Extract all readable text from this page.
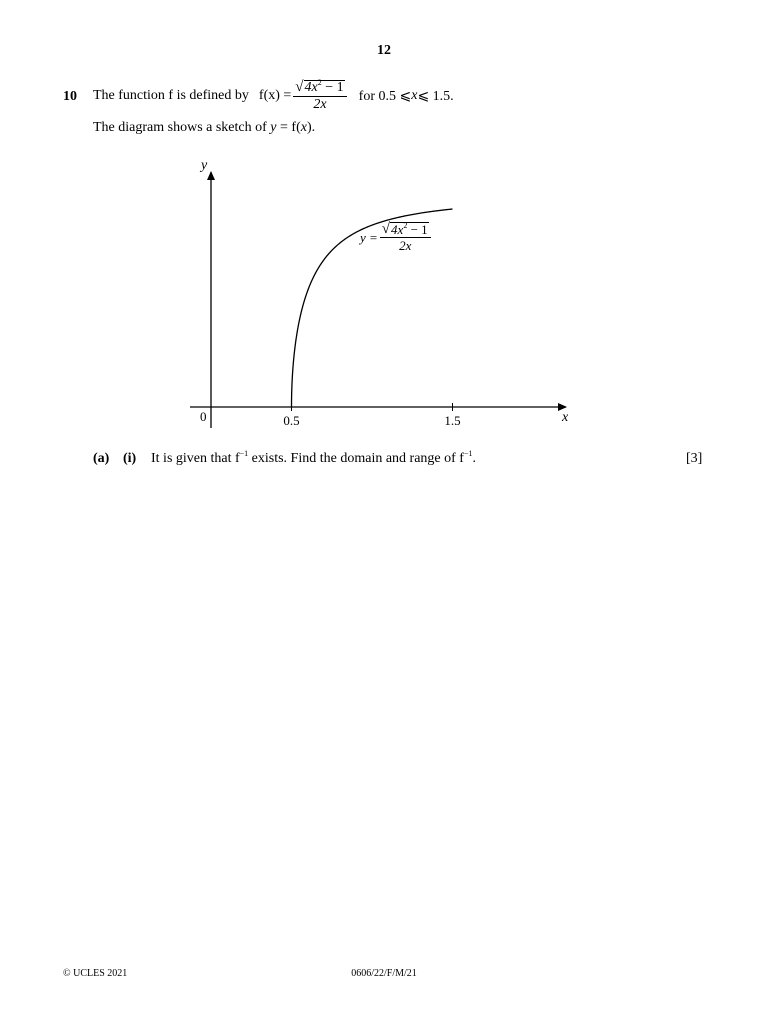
12
10 The function f is defined by $f(x) = \frac{√ 4x^2 - 1}{2x}$ for 0.5 ⩽ x ⩽ 1.5.
The diagram shows a sketch of y = f(x).
y
x
0	0.5	1.5
$y = \frac{√ 4x^2 - 1}{2x}$
(a) (i) It is given that $f^{-1}$ exists. Find the domain and range of $f^{-1}$.	[3]
© UCLES 2021	0606/22/F/M/21
